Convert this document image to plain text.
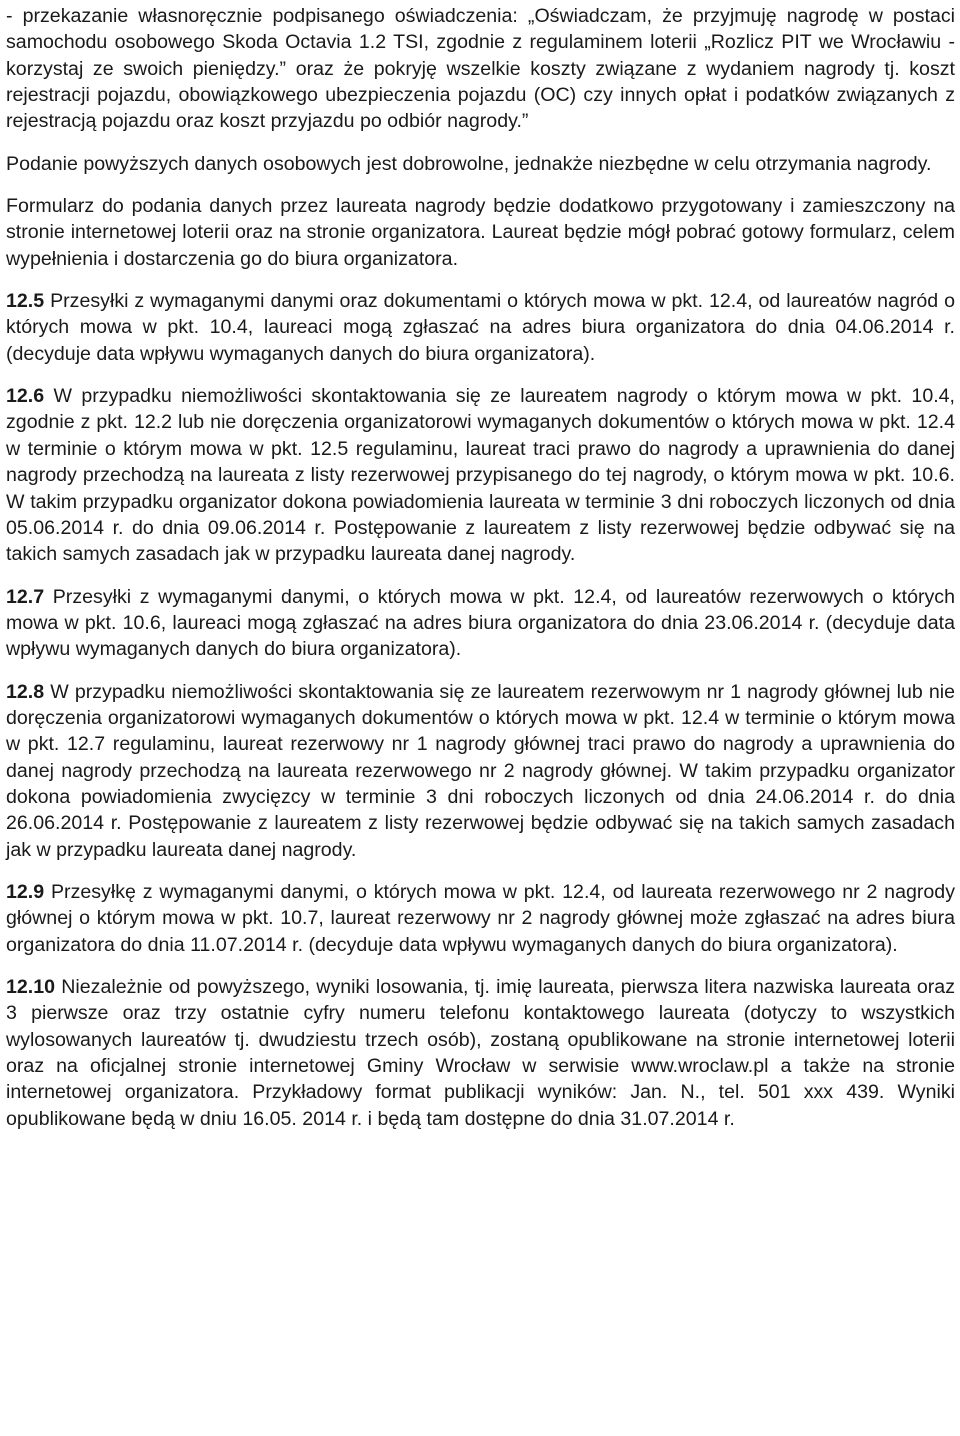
- przekazanie własnoręcznie podpisanego oświadczenia: „Oświadczam, że przyjmuję nagrodę w postaci samochodu osobowego Skoda Octavia 1.2 TSI, zgodnie z regulaminem loterii „Rozlicz PIT we Wrocławiu - korzystaj ze swoich pieniędzy.” oraz że pokryję wszelkie koszty związane z wydaniem nagrody tj. koszt rejestracji pojazdu, obowiązkowego ubezpieczenia pojazdu (OC) czy innych opłat i podatków związanych z rejestracją pojazdu oraz koszt przyjazdu po odbiór nagrody.”

Podanie powyższych danych osobowych jest dobrowolne, jednakże niezbędne w celu otrzymania nagrody.

Formularz do podania danych przez laureata nagrody będzie dodatkowo przygotowany i zamieszczony na stronie internetowej loterii oraz na stronie organizatora. Laureat będzie mógł pobrać gotowy formularz, celem wypełnienia i dostarczenia go do biura organizatora.

12.5 Przesyłki z wymaganymi danymi oraz dokumentami o których mowa w pkt. 12.4, od laureatów nagród o których mowa w pkt. 10.4, laureaci mogą zgłaszać na adres biura organizatora do dnia 04.06.2014 r. (decyduje data wpływu wymaganych danych do biura organizatora).

12.6 W przypadku niemożliwości skontaktowania się ze laureatem nagrody o którym mowa w pkt. 10.4, zgodnie z pkt. 12.2 lub nie doręczenia organizatorowi wymaganych dokumentów o których mowa w pkt. 12.4 w terminie o którym mowa w pkt. 12.5 regulaminu, laureat traci prawo do nagrody a uprawnienia do danej nagrody przechodzą na laureata z listy rezerwowej przypisanego do tej nagrody, o którym mowa w pkt. 10.6. W takim przypadku organizator dokona powiadomienia laureata w terminie 3 dni roboczych liczonych od dnia 05.06.2014 r. do dnia 09.06.2014 r. Postępowanie z laureatem z listy rezerwowej będzie odbywać się na takich samych zasadach jak w przypadku laureata danej nagrody.

12.7 Przesyłki z wymaganymi danymi, o których mowa w pkt. 12.4, od laureatów rezerwowych o których mowa w pkt. 10.6, laureaci mogą zgłaszać na adres biura organizatora do dnia 23.06.2014 r. (decyduje data wpływu wymaganych danych do biura organizatora).

12.8 W przypadku niemożliwości skontaktowania się ze laureatem rezerwowym nr 1 nagrody głównej lub nie doręczenia organizatorowi wymaganych dokumentów o których mowa w pkt. 12.4 w terminie o którym mowa w pkt. 12.7 regulaminu, laureat rezerwowy nr 1 nagrody głównej traci prawo do nagrody a uprawnienia do danej nagrody przechodzą na laureata rezerwowego nr 2 nagrody głównej. W takim przypadku organizator dokona powiadomienia zwycięzcy w terminie 3 dni roboczych liczonych od dnia 24.06.2014 r. do dnia 26.06.2014 r. Postępowanie z laureatem z listy rezerwowej będzie odbywać się na takich samych zasadach jak w przypadku laureata danej nagrody.

12.9 Przesyłkę z wymaganymi danymi, o których mowa w pkt. 12.4, od laureata rezerwowego nr 2 nagrody głównej o którym mowa w pkt. 10.7, laureat rezerwowy nr 2 nagrody głównej może zgłaszać na adres biura organizatora do dnia 11.07.2014 r. (decyduje data wpływu wymaganych danych do biura organizatora).

12.10 Niezależnie od powyższego, wyniki losowania, tj. imię laureata, pierwsza litera nazwiska laureata oraz 3 pierwsze oraz trzy ostatnie cyfry numeru telefonu kontaktowego laureata (dotyczy to wszystkich wylosowanych laureatów tj. dwudziestu trzech osób), zostaną opublikowane na stronie internetowej loterii oraz na oficjalnej stronie internetowej Gminy Wrocław w serwisie www.wroclaw.pl a także na stronie internetowej organizatora. Przykładowy format publikacji wyników: Jan. N., tel. 501 xxx 439. Wyniki opublikowane będą w dniu 16.05. 2014 r. i będą tam dostępne do dnia 31.07.2014 r.
